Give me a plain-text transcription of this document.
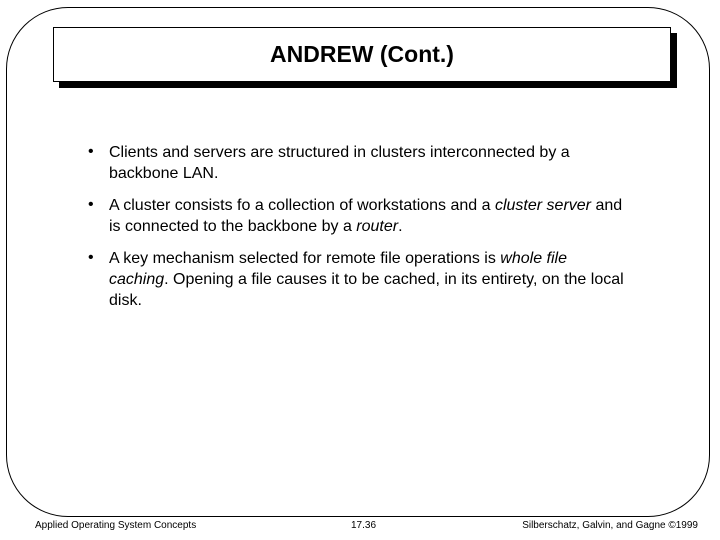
ANDREW (Cont.)
• Clients and servers are structured in clusters interconnected by a backbone LAN.
• A cluster consists fo a collection of workstations and a cluster server and is connected to the backbone by a router.
• A key mechanism selected for remote file operations is whole file caching. Opening a file causes it to be cached, in its entirety, on the local disk.
Applied Operating System Concepts	17.36	Silberschatz, Galvin, and Gagne ©1999
